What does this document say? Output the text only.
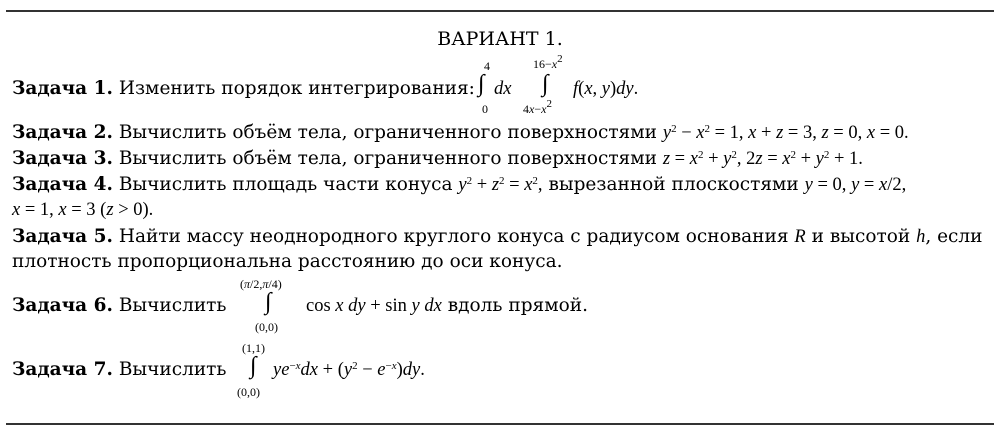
ВАРИАНТ 1.
Задача 1. Изменить порядок интегрирования:
4
∫
0
dx
$16-x^2$
∫
$4x-x^2$
f(x, y)dy.
Задача 2. Вычислить объём тела, ограниченного поверхностями $y^2 - x^2 = 1$, x + z = 3, z = 0, x = 0.
Задача 3. Вычислить объём тела, ограниченного поверхностями $z = x^2 + y^2$, $2z = x^2 + y^2 + 1$.
Задача 4. Вычислить площадь части конуса $y^2 + z^2 = x^2$, вырезанной плоскостями y = 0, y = x/2,
x = 1, x = 3 (z > 0).
Задача 5. Найти массу неоднородного круглого конуса с радиусом основания R и высотой h, если
плотность пропорциональна расстоянию до оси конуса.
Задача 6. Вычислить
(π/2,π/4)
∫
(0,0)
cos x dy + sin y dx вдоль прямой.
Задача 7. Вычислить
(1,1)
∫
(0,0)
$ye^{-x}dx + (y^2 - e^{-x})dy$.
